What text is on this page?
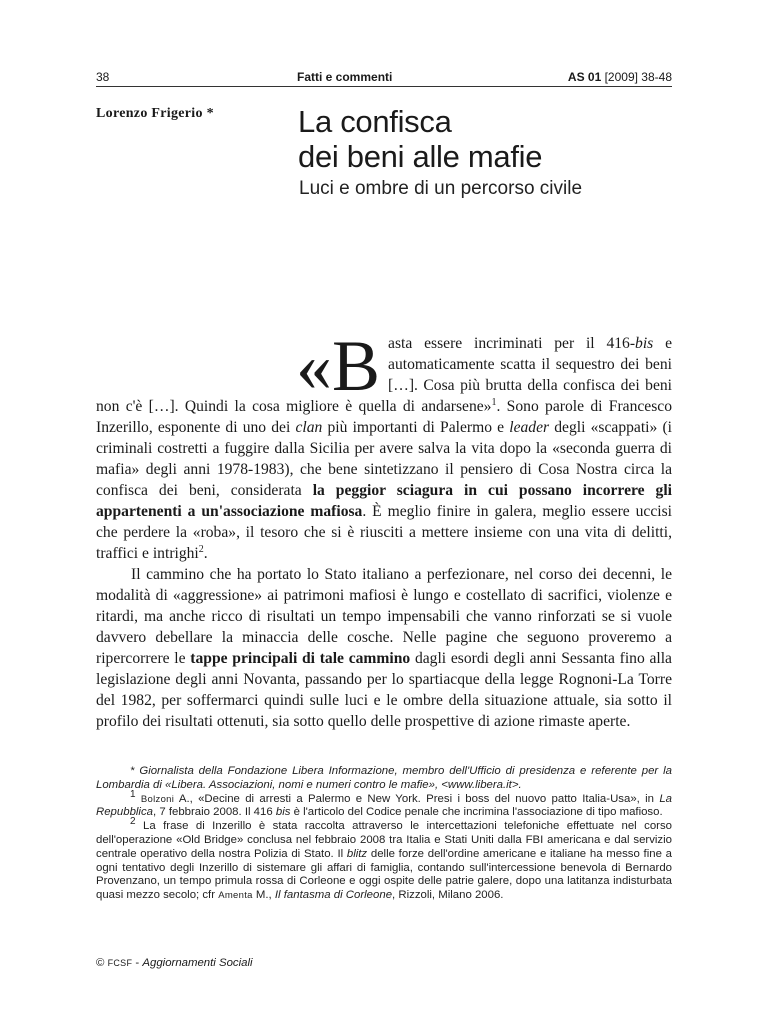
38	Fatti e commenti	AS 01 [2009] 38-48
Lorenzo Frigerio *	La confisca
dei beni alle mafie
Luci e ombre di un percorso civile

«Basta essere incriminati per il 416-bis e automaticamente scatta il sequestro dei beni […]. Cosa più brutta della confisca dei beni non c'è […]. Quindi la cosa migliore è quella di andarsene»$^1$. Sono parole di Francesco Inzerillo, esponente di uno dei clan più importanti di Palermo e leader degli «scappati» (i criminali costretti a fuggire dalla Sicilia per avere salva la vita dopo la «seconda guerra di mafia» degli anni 1978-1983), che bene sintetizzano il pensiero di Cosa Nostra circa la confisca dei beni, considerata la peggior sciagura in cui possano incorrere gli appartenenti a un'associazione mafiosa. È meglio finire in galera, meglio essere uccisi che perdere la «roba», il tesoro che si è riusciti a mettere insieme con una vita di delitti, traffici e intrighi$^2$.

Il cammino che ha portato lo Stato italiano a perfezionare, nel corso dei decenni, le modalità di «aggressione» ai patrimoni mafiosi è lungo e costellato di sacrifici, violenze e ritardi, ma anche ricco di risultati un tempo impensabili che vanno rinforzati se si vuole davvero debellare la minaccia delle cosche. Nelle pagine che seguono proveremo a ripercorrere le tappe principali di tale cammino dagli esordi degli anni Sessanta fino alla legislazione degli anni Novanta, passando per lo spartiacque della legge Rognoni-La Torre del 1982, per soffermarci quindi sulle luci e le ombre della situazione attuale, sia sotto il profilo dei risultati ottenuti, sia sotto quello delle prospettive di azione rimaste aperte.

* Giornalista della Fondazione Libera Informazione, membro dell'Ufficio di presidenza e referente per la Lombardia di «Libera. Associazioni, nomi e numeri contro le mafie», <www.libera.it>.

$^1$ Bolzoni A., «Decine di arresti a Palermo e New York. Presi i boss del nuovo patto Italia-Usa», in La Repubblica, 7 febbraio 2008. Il 416 bis è l'articolo del Codice penale che incrimina l'associazione di tipo mafioso.

$^2$ La frase di Inzerillo è stata raccolta attraverso le intercettazioni telefoniche effettuate nel corso dell'operazione «Old Bridge» conclusa nel febbraio 2008 tra Italia e Stati Uniti dalla FBI americana e dal servizio centrale operativo della nostra Polizia di Stato. Il blitz delle forze dell'ordine americane e italiane ha messo fine a ogni tentativo degli Inzerillo di sistemare gli affari di famiglia, contando sull'intercessione benevola di Bernardo Provenzano, un tempo primula rossa di Corleone e oggi ospite delle patrie galere, dopo una latitanza indisturbata quasi mezzo secolo; cfr Amenta M., Il fantasma di Corleone, Rizzoli, Milano 2006.

© FCSF - Aggiornamenti Sociali
